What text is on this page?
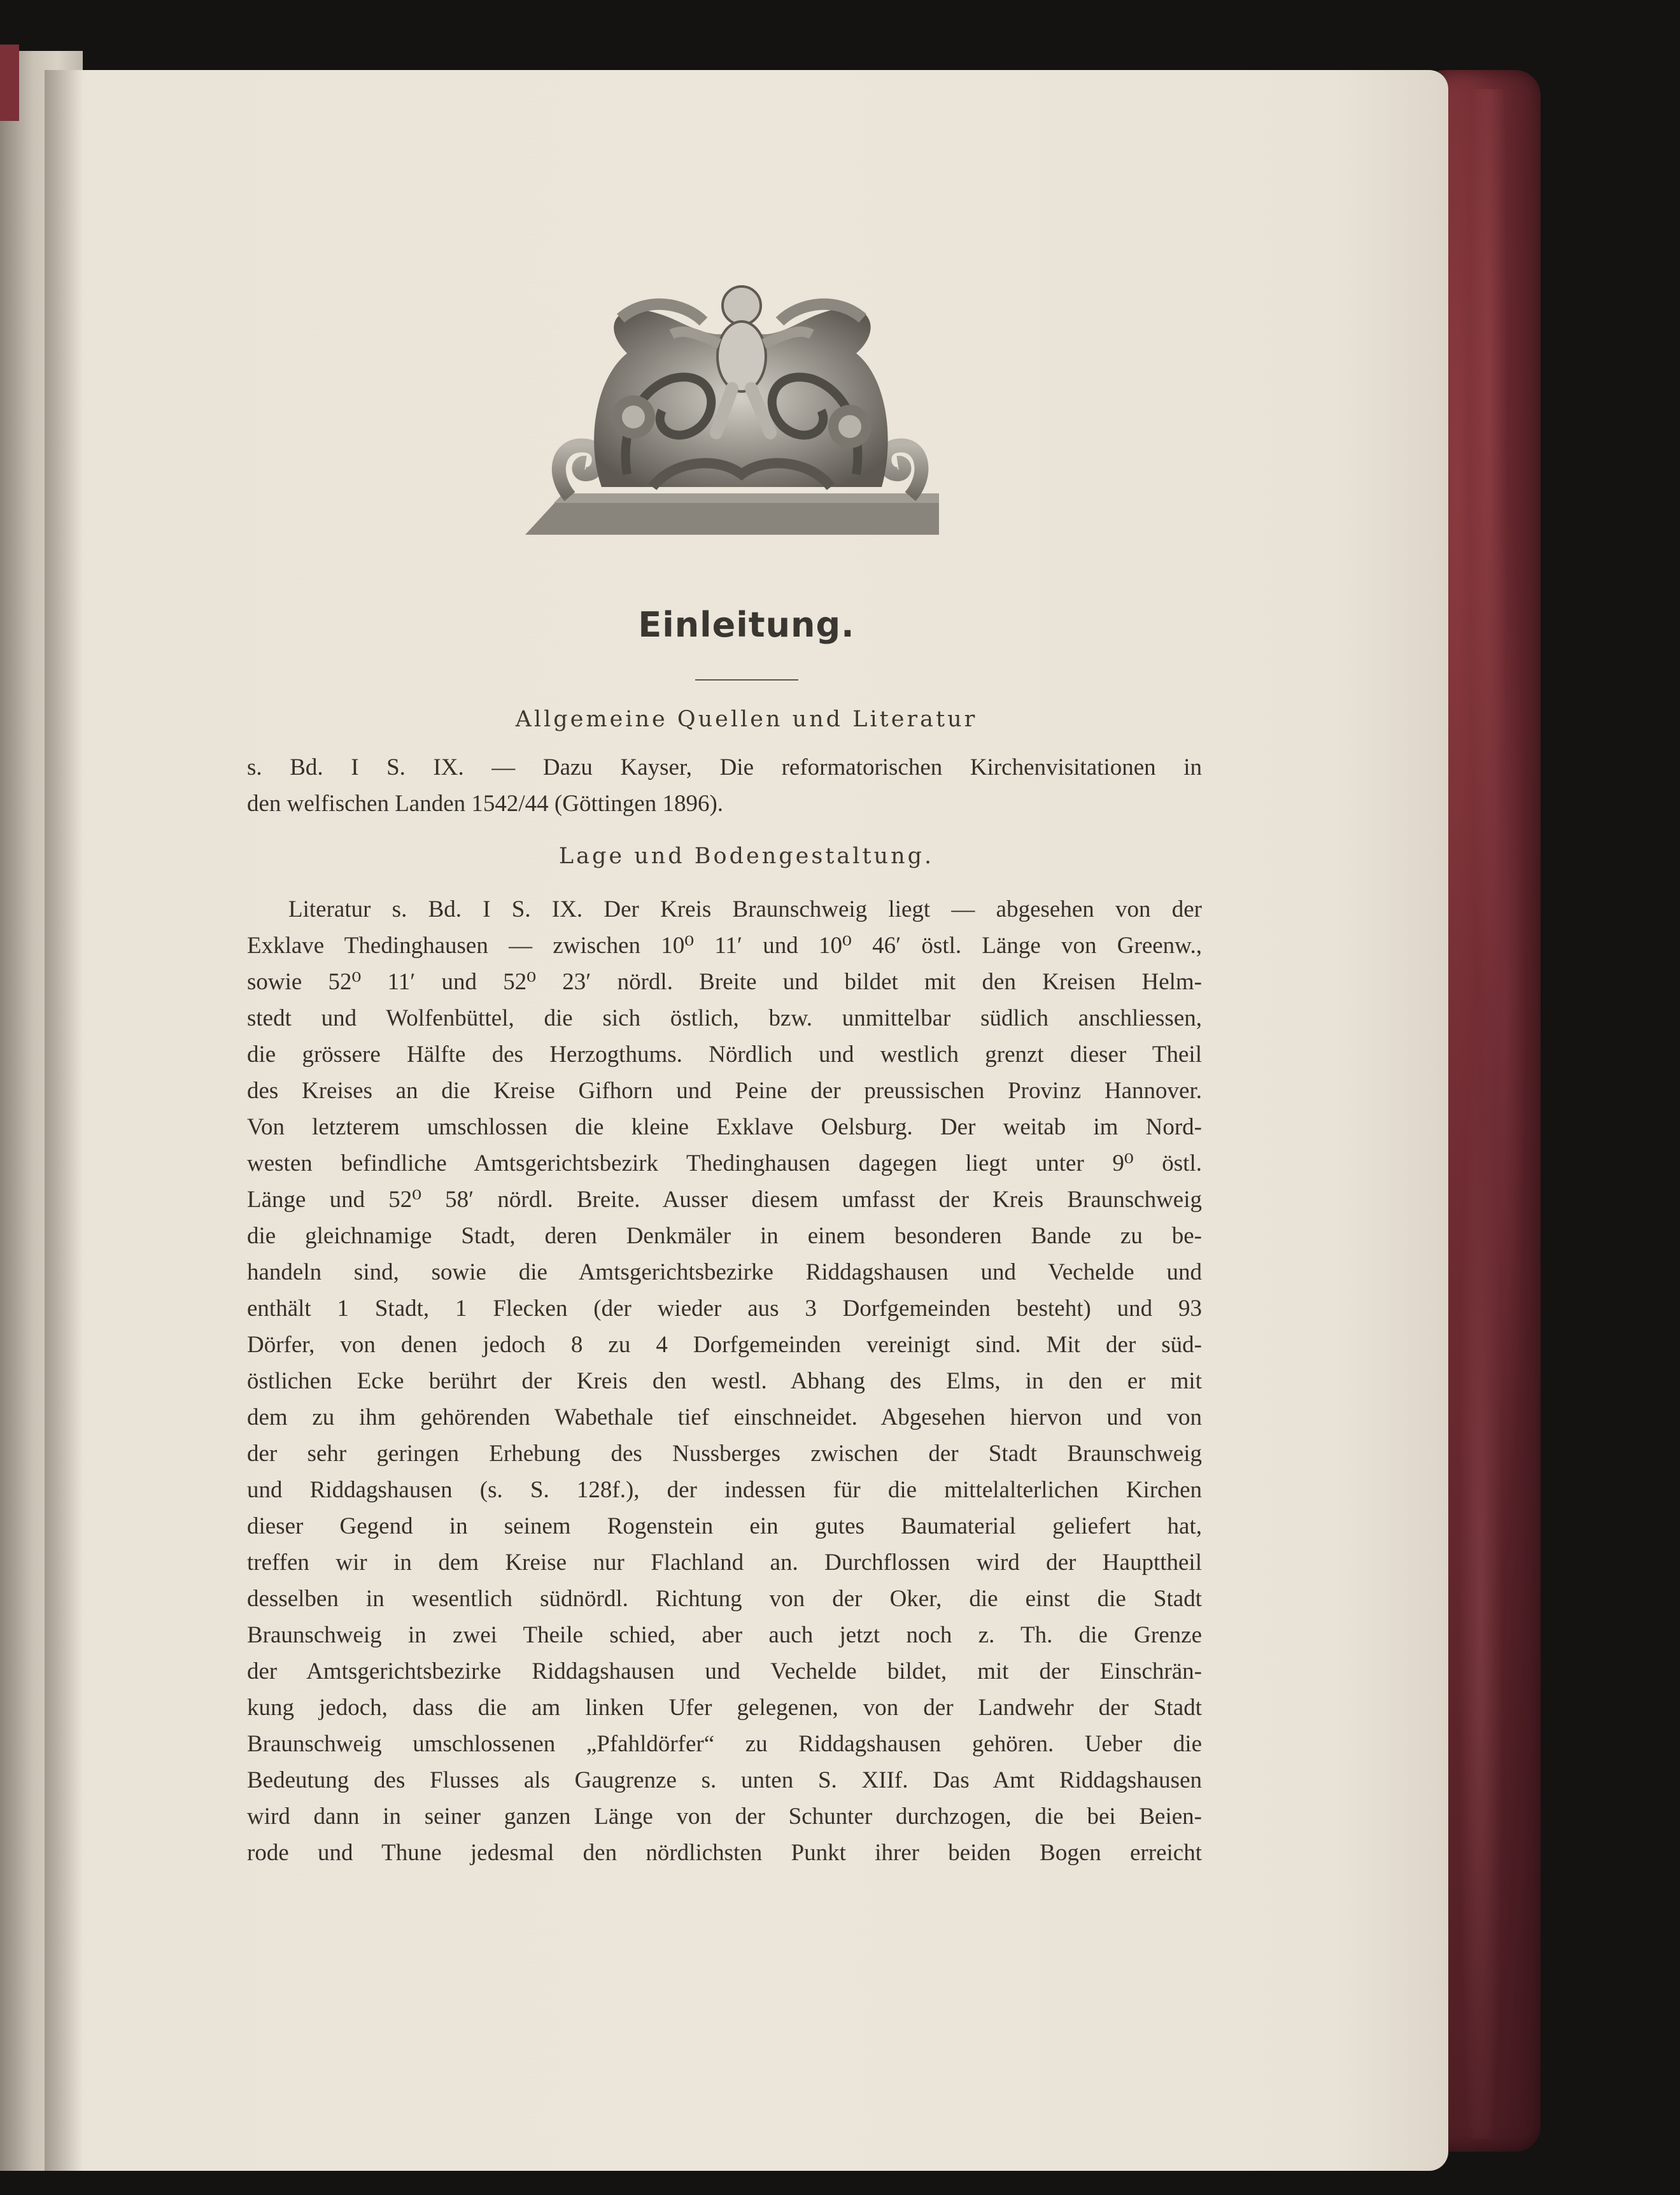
Einleitung.
Allgemeine Quellen und Literatur
s. Bd. I S. IX. — Dazu Kayser, Die reformatorischen Kirchenvisitationen in
den welfischen Landen 1542/44 (Göttingen 1896).
Lage und Bodengestaltung.
Literatur s. Bd. I S. IX. Der Kreis Braunschweig liegt — abgesehen von der
Exklave Thedinghausen — zwischen 10⁰ 11′ und 10⁰ 46′ östl. Länge von Greenw.,
sowie 52⁰ 11′ und 52⁰ 23′ nördl. Breite und bildet mit den Kreisen Helm-
stedt und Wolfenbüttel, die sich östlich, bzw. unmittelbar südlich anschliessen,
die grössere Hälfte des Herzogthums. Nördlich und westlich grenzt dieser Theil
des Kreises an die Kreise Gifhorn und Peine der preussischen Provinz Hannover.
Von letzterem umschlossen die kleine Exklave Oelsburg. Der weitab im Nord-
westen befindliche Amtsgerichtsbezirk Thedinghausen dagegen liegt unter 9⁰ östl.
Länge und 52⁰ 58′ nördl. Breite. Ausser diesem umfasst der Kreis Braunschweig
die gleichnamige Stadt, deren Denkmäler in einem besonderen Bande zu be-
handeln sind, sowie die Amtsgerichtsbezirke Riddagshausen und Vechelde und
enthält 1 Stadt, 1 Flecken (der wieder aus 3 Dorfgemeinden besteht) und 93
Dörfer, von denen jedoch 8 zu 4 Dorfgemeinden vereinigt sind. Mit der süd-
östlichen Ecke berührt der Kreis den westl. Abhang des Elms, in den er mit
dem zu ihm gehörenden Wabethale tief einschneidet. Abgesehen hiervon und von
der sehr geringen Erhebung des Nussberges zwischen der Stadt Braunschweig
und Riddagshausen (s. S. 128f.), der indessen für die mittelalterlichen Kirchen
dieser Gegend in seinem Rogenstein ein gutes Baumaterial geliefert hat,
treffen wir in dem Kreise nur Flachland an. Durchflossen wird der Haupttheil
desselben in wesentlich südnördl. Richtung von der Oker, die einst die Stadt
Braunschweig in zwei Theile schied, aber auch jetzt noch z. Th. die Grenze
der Amtsgerichtsbezirke Riddagshausen und Vechelde bildet, mit der Einschrän-
kung jedoch, dass die am linken Ufer gelegenen, von der Landwehr der Stadt
Braunschweig umschlossenen „Pfahldörfer“ zu Riddagshausen gehören. Ueber die
Bedeutung des Flusses als Gaugrenze s. unten S. XIIf. Das Amt Riddagshausen
wird dann in seiner ganzen Länge von der Schunter durchzogen, die bei Beien-
rode und Thune jedesmal den nördlichsten Punkt ihrer beiden Bogen erreicht
